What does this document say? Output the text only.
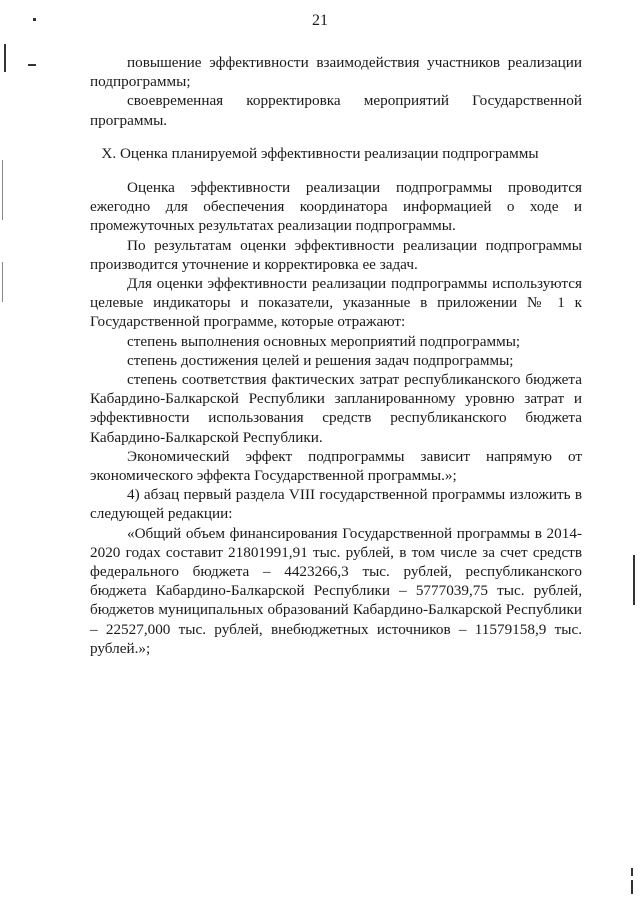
21

повышение эффективности взаимодействия участников реализации подпрограммы;

своевременная корректировка мероприятий Государственной программы.

X. Оценка планируемой эффективности реализации подпрограммы

Оценка эффективности реализации подпрограммы проводится ежегодно для обеспечения координатора информацией о ходе и промежуточных результатах реализации подпрограммы.

По результатам оценки эффективности реализации подпрограммы производится уточнение и корректировка ее задач.

Для оценки эффективности реализации подпрограммы используются целевые индикаторы и показатели, указанные в приложении № 1 к Государственной программе, которые отражают:

степень выполнения основных мероприятий подпрограммы;

степень достижения целей и решения задач подпрограммы;

степень соответствия фактических затрат республиканского бюджета Кабардино-Балкарской Республики запланированному уровню затрат и эффективности использования средств республиканского бюджета Кабардино-Балкарской Республики.

Экономический эффект подпрограммы зависит напрямую от экономического эффекта Государственной программы.»;

4) абзац первый раздела VIII государственной программы изложить в следующей редакции:

«Общий объем финансирования Государственной программы в 2014-2020 годах составит 21801991,91 тыс. рублей, в том числе за счет средств федерального бюджета – 4423266,3 тыс. рублей, республиканского бюджета Кабардино-Балкарской Республики – 5777039,75 тыс. рублей, бюджетов муниципальных образований Кабардино-Балкарской Республики – 22527,000 тыс. рублей, внебюджетных источников – 11579158,9 тыс. рублей.»;
